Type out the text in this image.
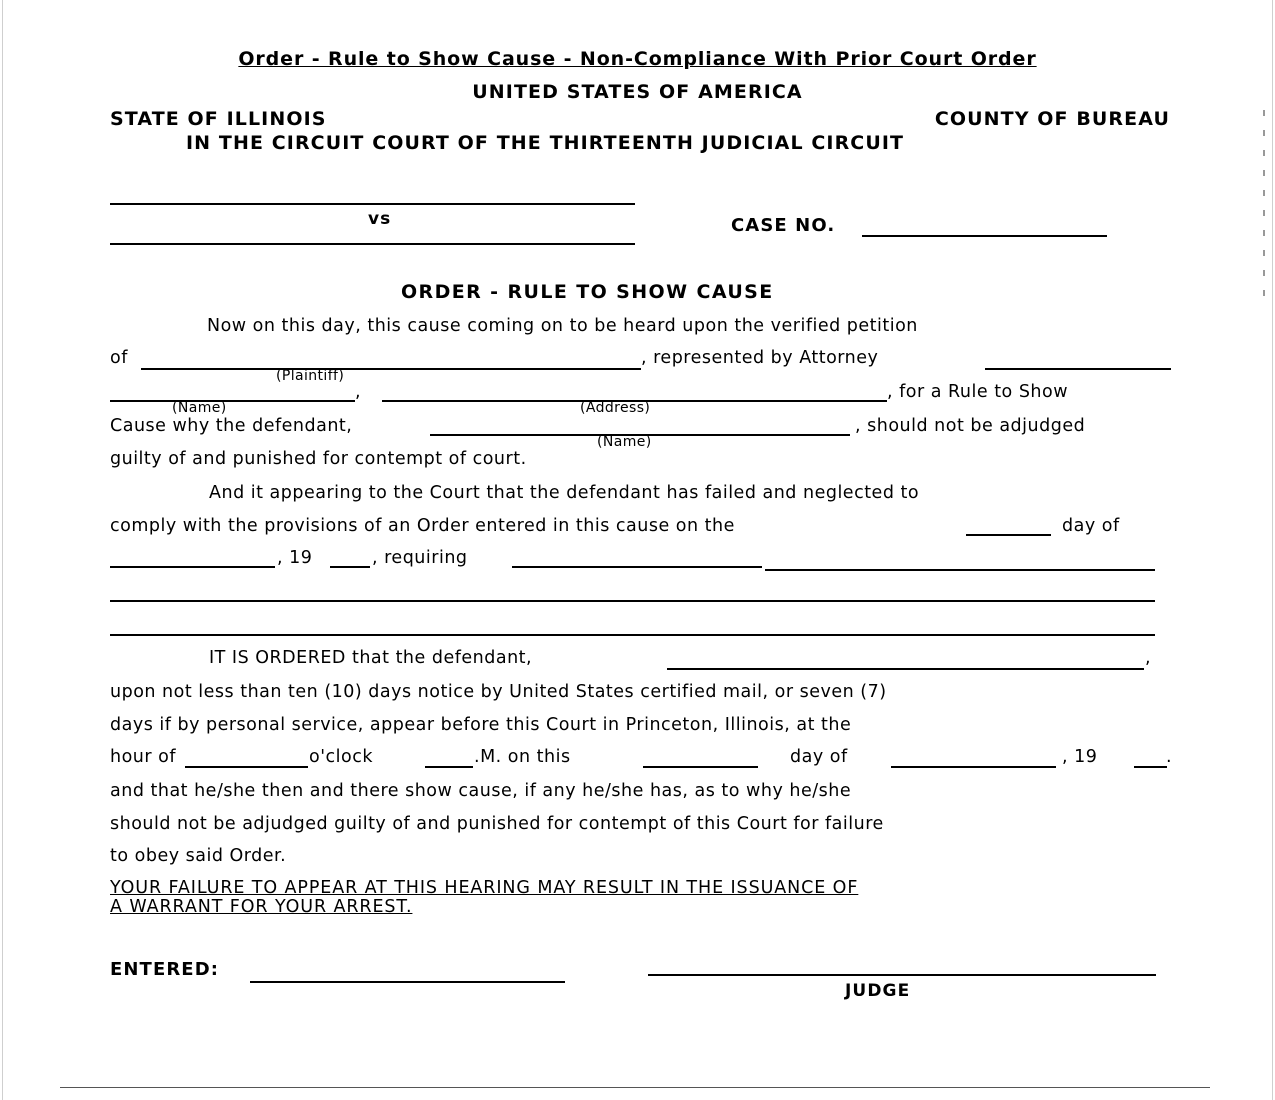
Order - Rule to Show Cause - Non-Compliance With Prior Court Order
UNITED STATES OF AMERICA
STATE OF ILLINOIS	COUNTY OF BUREAU
IN THE CIRCUIT COURT OF THE THIRTEENTH JUDICIAL CIRCUIT
vs	CASE NO.
ORDER - RULE TO SHOW CAUSE
Now on this day, this cause coming on to be heard upon the verified petition
of	, represented by Attorney
(Plaintiff)
,	, for a Rule to Show
(Name)	(Address)
Cause why the defendant,	, should not be adjudged
(Name)
guilty of and punished for contempt of court.
And it appearing to the Court that the defendant has failed and neglected to
comply with the provisions of an Order entered in this cause on the	day of
, 19	, requiring
IT IS ORDERED that the defendant,	,
upon not less than ten (10) days notice by United States certified mail, or seven (7)
days if by personal service, appear before this Court in Princeton, Illinois, at the
hour of	o'clock	.M. on this	day of	, 19	.
and that he/she then and there show cause, if any he/she has, as to why he/she
should not be adjudged guilty of and punished for contempt of this Court for failure
to obey said Order.
YOUR FAILURE TO APPEAR AT THIS HEARING MAY RESULT IN THE ISSUANCE OF
A WARRANT FOR YOUR ARREST.
ENTERED:
JUDGE
